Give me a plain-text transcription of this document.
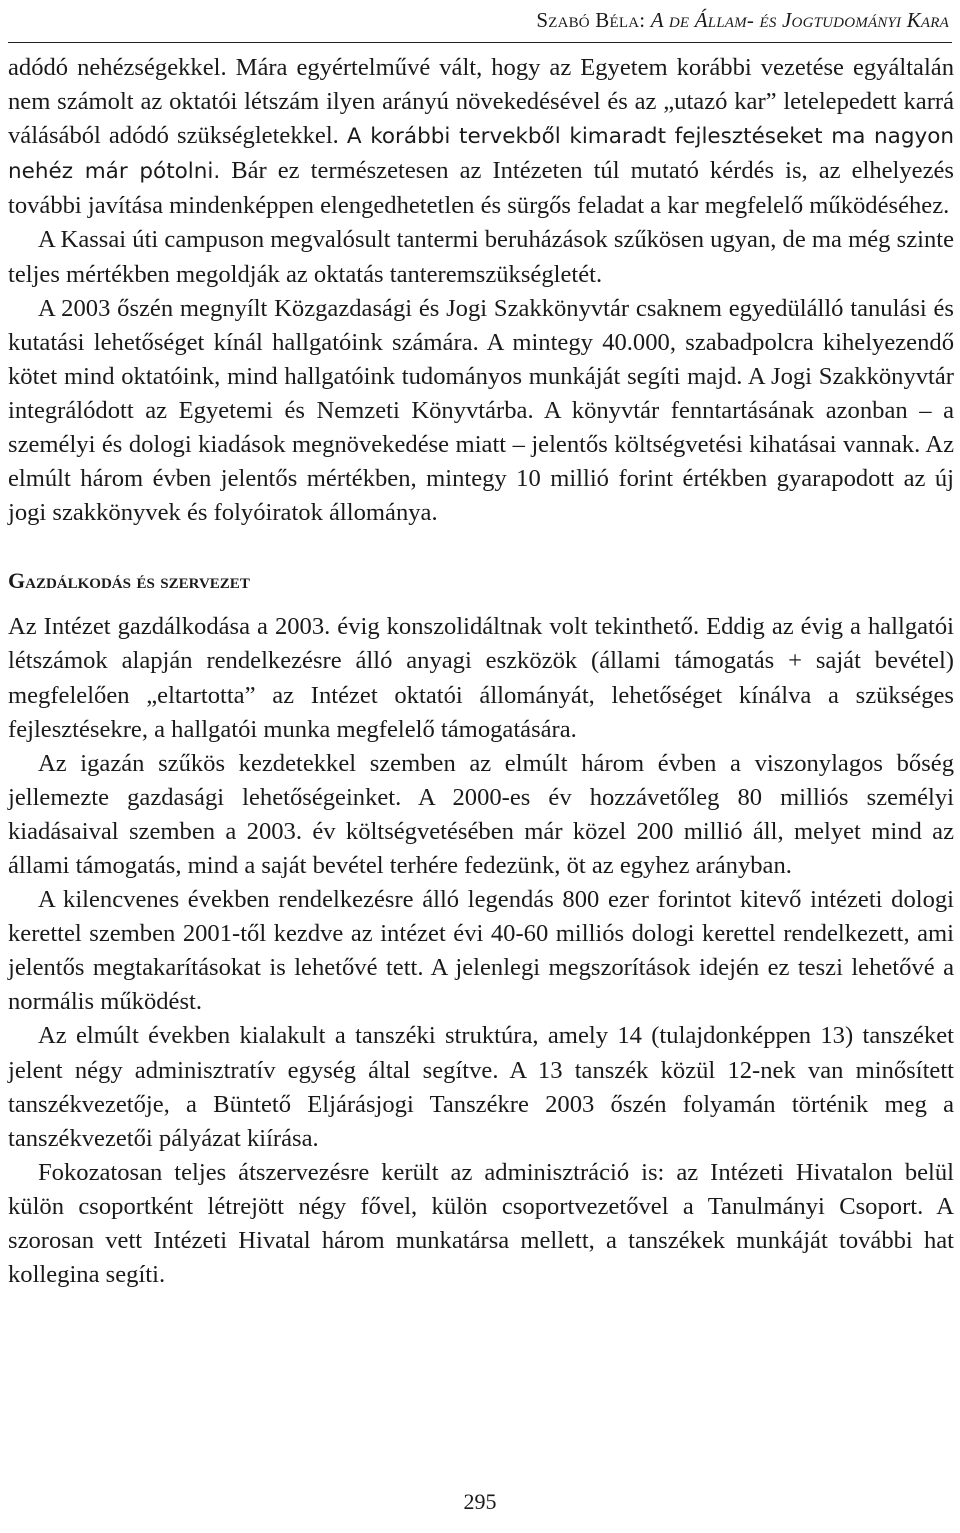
Szabó Béla: A de Állam- és Jogtudományi Kara

adódó nehézségekkel. Mára egyértelművé vált, hogy az Egyetem korábbi vezetése egyáltalán nem számolt az oktatói létszám ilyen arányú növekedésével és az „utazó kar” letelepedett karrá válásából adódó szükségletekkel. A korábbi tervekből kimaradt fejlesztéseket ma nagyon nehéz már pótolni. Bár ez természetesen az Intézeten túl mutató kérdés is, az elhelyezés további javítása mindenképpen elengedhetetlen és sürgős feladat a kar megfelelő működéséhez.

A Kassai úti campuson megvalósult tantermi beruházások szűkösen ugyan, de ma még szinte teljes mértékben megoldják az oktatás tanteremszükségletét.

A 2003 őszén megnyílt Közgazdasági és Jogi Szakkönyvtár csaknem egyedülálló tanulási és kutatási lehetőséget kínál hallgatóink számára. A mintegy 40.000, szabadpolcra kihelyezendő kötet mind oktatóink, mind hallgatóink tudományos munkáját segíti majd. A Jogi Szakkönyvtár integrálódott az Egyetemi és Nemzeti Könyvtárba. A könyvtár fenntartásának azonban – a személyi és dologi kiadások megnövekedése miatt – jelentős költségvetési kihatásai vannak. Az elmúlt három évben jelentős mértékben, mintegy 10 millió forint értékben gyarapodott az új jogi szakkönyvek és folyóiratok állománya.

Gazdálkodás és szervezet

Az Intézet gazdálkodása a 2003. évig konszolidáltnak volt tekinthető. Eddig az évig a hallgatói létszámok alapján rendelkezésre álló anyagi eszközök (állami támogatás + saját bevétel) megfelelően „eltartotta” az Intézet oktatói állományát, lehetőséget kínálva a szükséges fejlesztésekre, a hallgatói munka megfelelő támogatására.

Az igazán szűkös kezdetekkel szemben az elmúlt három évben a viszonylagos bőség jellemezte gazdasági lehetőségeinket. A 2000-es év hozzávetőleg 80 milliós személyi kiadásaival szemben a 2003. év költségvetésében már közel 200 millió áll, melyet mind az állami támogatás, mind a saját bevétel terhére fedezünk, öt az egyhez arányban.

A kilencvenes években rendelkezésre álló legendás 800 ezer forintot kitevő intézeti dologi kerettel szemben 2001-től kezdve az intézet évi 40-60 milliós dologi kerettel rendelkezett, ami jelentős megtakarításokat is lehetővé tett. A jelenlegi megszorítások idején ez teszi lehetővé a normális működést.

Az elmúlt években kialakult a tanszéki struktúra, amely 14 (tulajdonképpen 13) tanszéket jelent négy adminisztratív egység által segítve. A 13 tanszék közül 12-nek van minősített tanszékvezetője, a Büntető Eljárásjogi Tanszékre 2003 őszén folyamán történik meg a tanszékvezetői pályázat kiírása.

Fokozatosan teljes átszervezésre került az adminisztráció is: az Intézeti Hivatalon belül külön csoportként létrejött négy fővel, külön csoportvezetővel a Tanulmányi Csoport. A szorosan vett Intézeti Hivatal három munkatársa mellett, a tanszékek munkáját további hat kollegina segíti.

295
